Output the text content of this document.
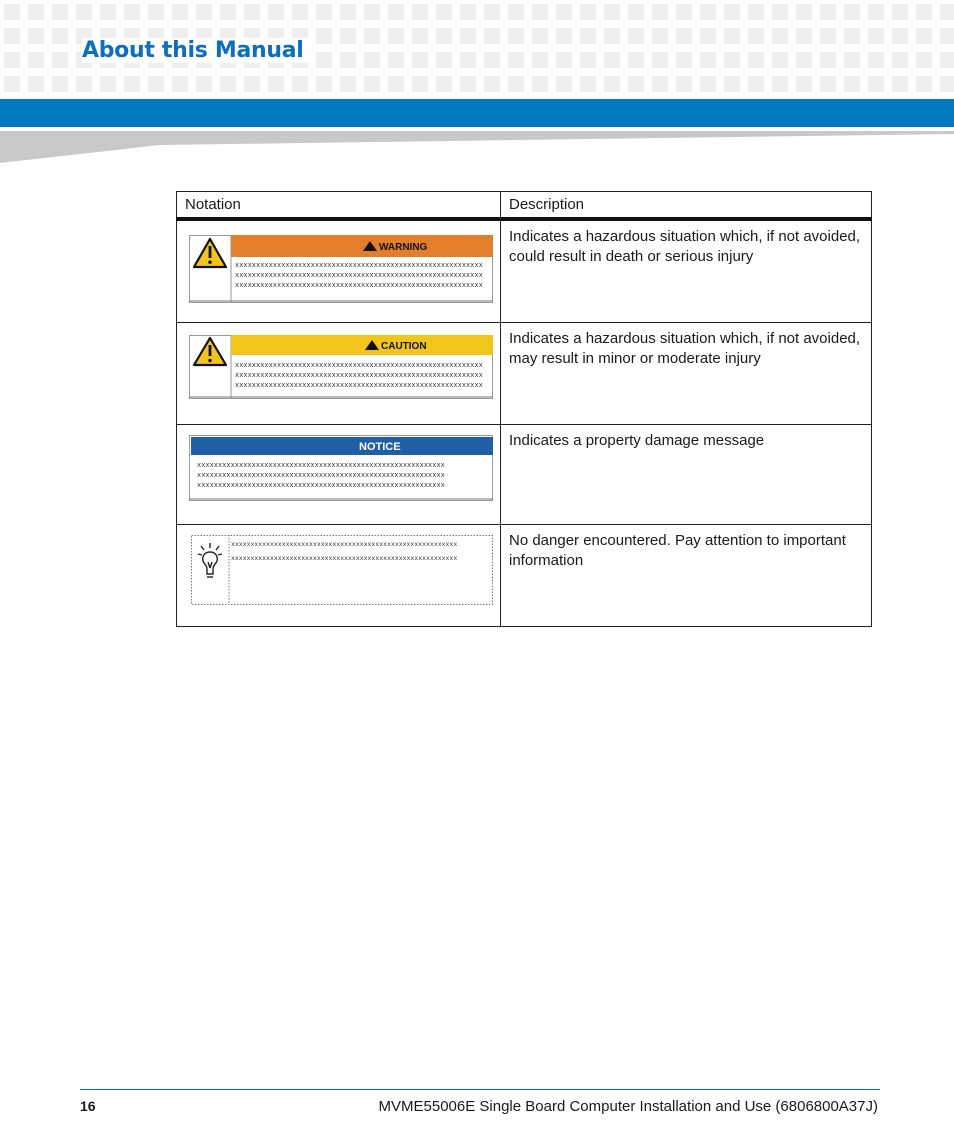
About this Manual
Notation	Description

WARNING
xxxxxxxxxxxxxxxxxxxxxxxxxxxxxxxxxxxxxxxxxxxxxxxxxxxxxxxxxxx
xxxxxxxxxxxxxxxxxxxxxxxxxxxxxxxxxxxxxxxxxxxxxxxxxxxxxxxxxxx
xxxxxxxxxxxxxxxxxxxxxxxxxxxxxxxxxxxxxxxxxxxxxxxxxxxxxxxxxxx	Indicates a hazardous situation which, if not avoided, could result in death or serious injury

CAUTION
xxxxxxxxxxxxxxxxxxxxxxxxxxxxxxxxxxxxxxxxxxxxxxxxxxxxxxxxxxx
xxxxxxxxxxxxxxxxxxxxxxxxxxxxxxxxxxxxxxxxxxxxxxxxxxxxxxxxxxx
xxxxxxxxxxxxxxxxxxxxxxxxxxxxxxxxxxxxxxxxxxxxxxxxxxxxxxxxxxx	Indicates a hazardous situation which, if not avoided, may result in minor or moderate injury

NOTICE
xxxxxxxxxxxxxxxxxxxxxxxxxxxxxxxxxxxxxxxxxxxxxxxxxxxxxxxxxxx
xxxxxxxxxxxxxxxxxxxxxxxxxxxxxxxxxxxxxxxxxxxxxxxxxxxxxxxxxxx
xxxxxxxxxxxxxxxxxxxxxxxxxxxxxxxxxxxxxxxxxxxxxxxxxxxxxxxxxxx	Indicates a property damage message

xxxxxxxxxxxxxxxxxxxxxxxxxxxxxxxxxxxxxxxxxxxxxxxxxxxxxxxxxx
xxxxxxxxxxxxxxxxxxxxxxxxxxxxxxxxxxxxxxxxxxxxxxxxxxxxxxxxxx	No danger encountered. Pay attention to important information
16	MVME55006E Single Board Computer Installation and Use (6806800A37J)
